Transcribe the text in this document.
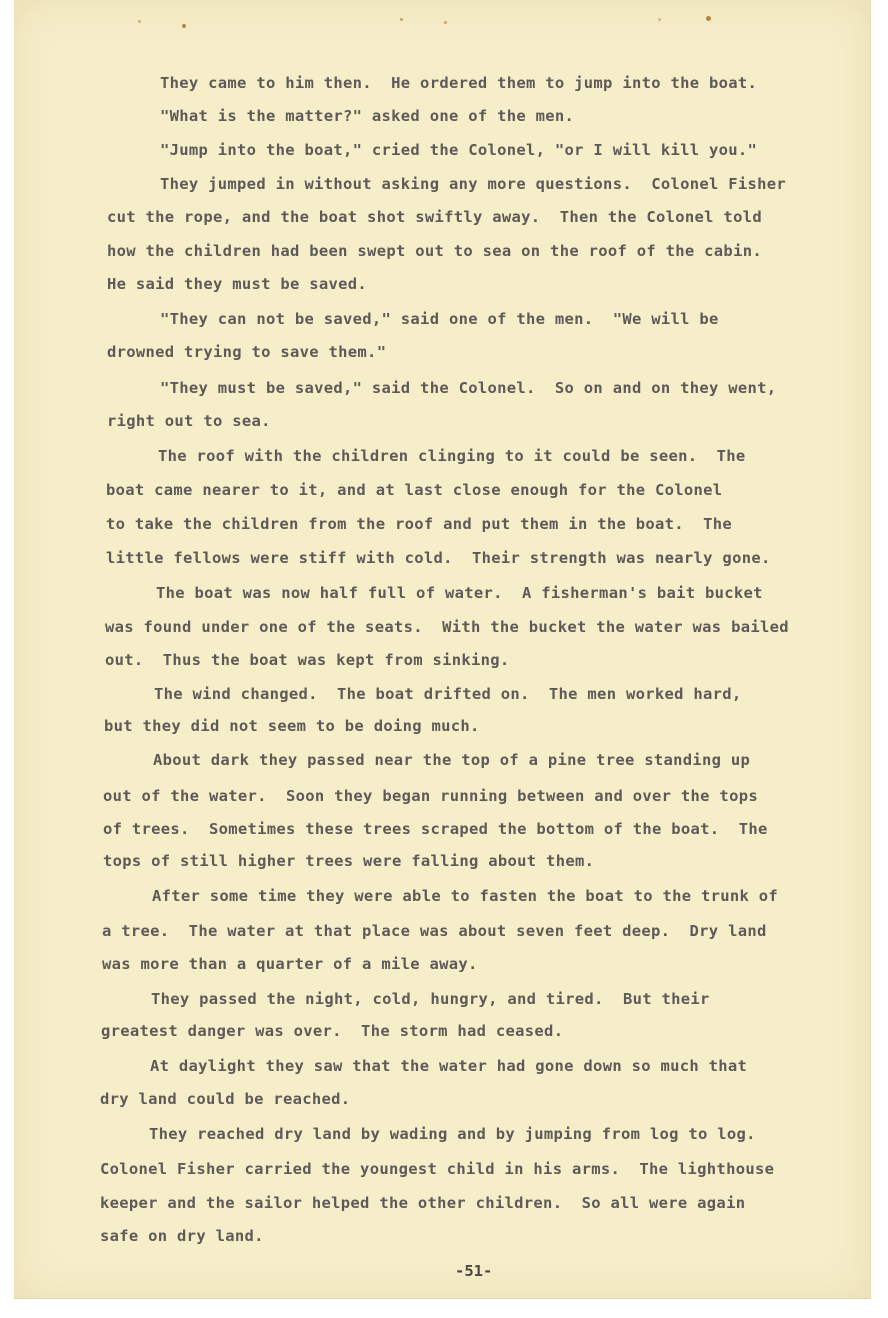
They came to him then.  He ordered them to jump into the boat.

"What is the matter?" asked one of the men.

"Jump into the boat," cried the Colonel, "or I will kill you."

They jumped in without asking any more questions.  Colonel Fisher

cut the rope, and the boat shot swiftly away.  Then the Colonel told

how the children had been swept out to sea on the roof of the cabin.

He said they must be saved.

"They can not be saved," said one of the men.  "We will be

drowned trying to save them."

"They must be saved," said the Colonel.  So on and on they went,

right out to sea.

The roof with the children clinging to it could be seen.  The

boat came nearer to it, and at last close enough for the Colonel

to take the children from the roof and put them in the boat.  The

little fellows were stiff with cold.  Their strength was nearly gone.

The boat was now half full of water.  A fisherman's bait bucket

was found under one of the seats.  With the bucket the water was bailed

out.  Thus the boat was kept from sinking.

The wind changed.  The boat drifted on.  The men worked hard,

but they did not seem to be doing much.

About dark they passed near the top of a pine tree standing up

out of the water.  Soon they began running between and over the tops

of trees.  Sometimes these trees scraped the bottom of the boat.  The

tops of still higher trees were falling about them.

After some time they were able to fasten the boat to the trunk of

a tree.  The water at that place was about seven feet deep.  Dry land

was more than a quarter of a mile away.

They passed the night, cold, hungry, and tired.  But their

greatest danger was over.  The storm had ceased.

At daylight they saw that the water had gone down so much that

dry land could be reached.

They reached dry land by wading and by jumping from log to log.

Colonel Fisher carried the youngest child in his arms.  The lighthouse

keeper and the sailor helped the other children.  So all were again

safe on dry land.

-51-
